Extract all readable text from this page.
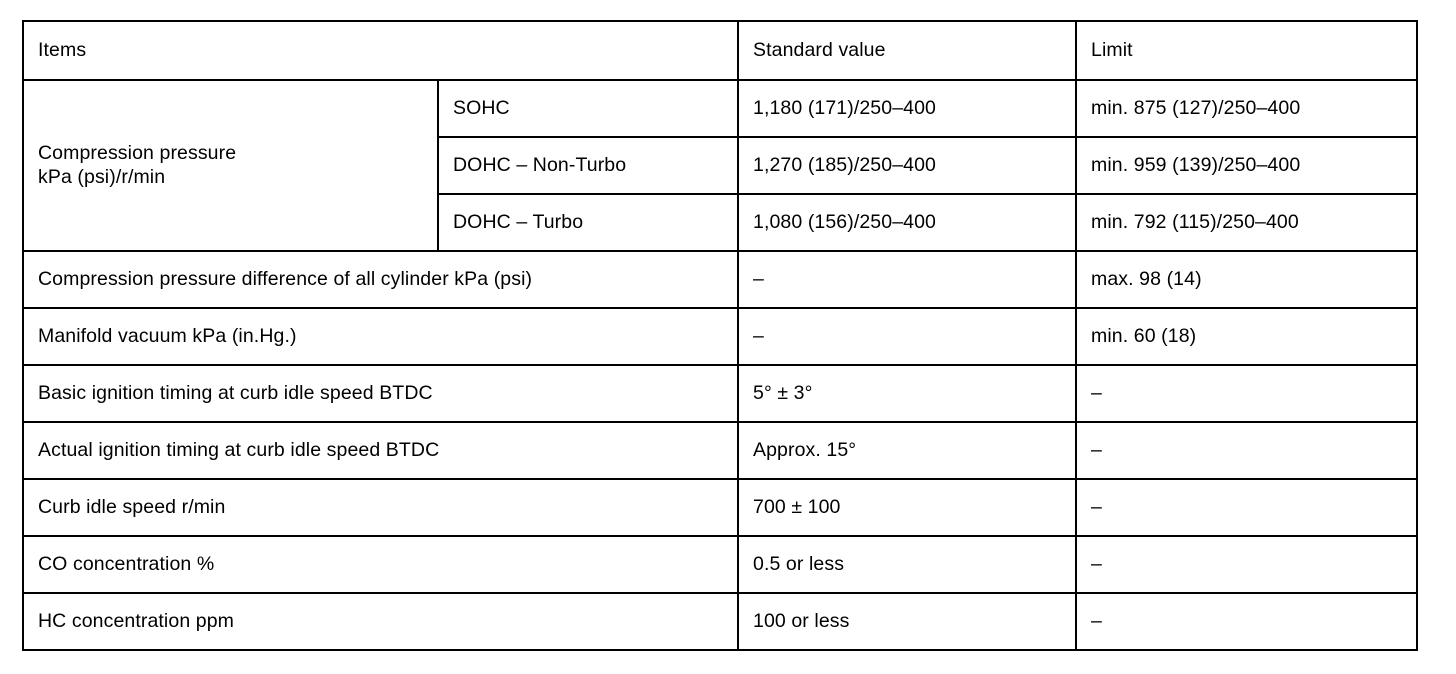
Items		Standard value	Limit

Compression pressure
kPa (psi)/r/min	SOHC	1,180 (171)/250–400	min. 875 (127)/250–400
	DOHC – Non-Turbo	1,270 (185)/250–400	min. 959 (139)/250–400
	DOHC – Turbo	1,080 (156)/250–400	min. 792 (115)/250–400
Compression pressure difference of all cylinder kPa (psi)		–	max. 98 (14)
Manifold vacuum kPa (in.Hg.)		–	min. 60 (18)
Basic ignition timing at curb idle speed BTDC		5° ± 3°	–
Actual ignition timing at curb idle speed BTDC		Approx. 15°	–
Curb idle speed r/min		700 ± 100	–
CO concentration %		0.5 or less	–
HC concentration ppm		100 or less	–
